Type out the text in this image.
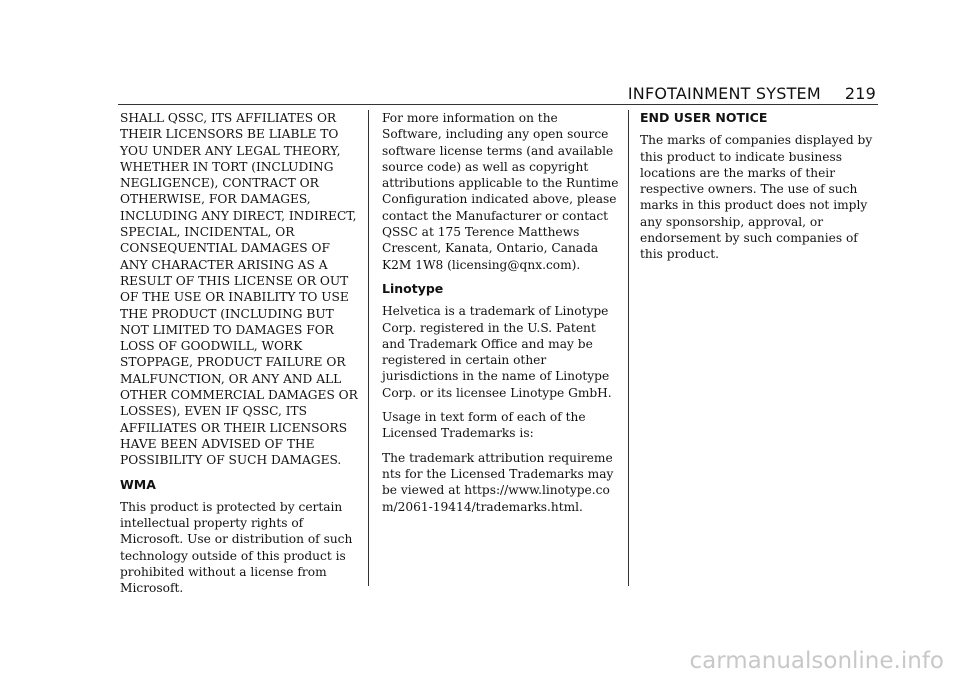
INFOTAINMENT SYSTEM 219

SHALL QSSC, ITS AFFILIATES OR THEIR LICENSORS BE LIABLE TO YOU UNDER ANY LEGAL THEORY, WHETHER IN TORT (INCLUDING NEGLIGENCE), CONTRACT OR OTHERWISE, FOR DAMAGES, INCLUDING ANY DIRECT, INDIRECT, SPECIAL, INCIDENTAL, OR CONSEQUENTIAL DAMAGES OF ANY CHARACTER ARISING AS A RESULT OF THIS LICENSE OR OUT OF THE USE OR INABILITY TO USE THE PRODUCT (INCLUDING BUT NOT LIMITED TO DAMAGES FOR LOSS OF GOODWILL, WORK STOPPAGE, PRODUCT FAILURE OR MALFUNCTION, OR ANY AND ALL OTHER COMMERCIAL DAMAGES OR LOSSES), EVEN IF QSSC, ITS AFFILIATES OR THEIR LICENSORS HAVE BEEN ADVISED OF THE POSSIBILITY OF SUCH DAMAGES.

WMA

This product is protected by certain intellectual property rights of Microsoft. Use or distribution of such technology outside of this product is prohibited without a license from Microsoft.

For more information on the Software, including any open source software license terms (and available source code) as well as copyright attributions applicable to the Runtime Configuration indicated above, please contact the Manufacturer or contact QSSC at 175 Terence Matthews Crescent, Kanata, Ontario, Canada K2M 1W8 (licensing@qnx.com).

Linotype

Helvetica is a trademark of Linotype Corp. registered in the U.S. Patent and Trademark Office and may be registered in certain other jurisdictions in the name of Linotype Corp. or its licensee Linotype GmbH.

Usage in text form of each of the Licensed Trademarks is:

The trademark attribution requirements for the Licensed Trademarks may be viewed at https://www.linotype.com/2061-19414/trademarks.html.

END USER NOTICE

The marks of companies displayed by this product to indicate business locations are the marks of their respective owners. The use of such marks in this product does not imply any sponsorship, approval, or endorsement by such companies of this product.

carmanualsonline.info
